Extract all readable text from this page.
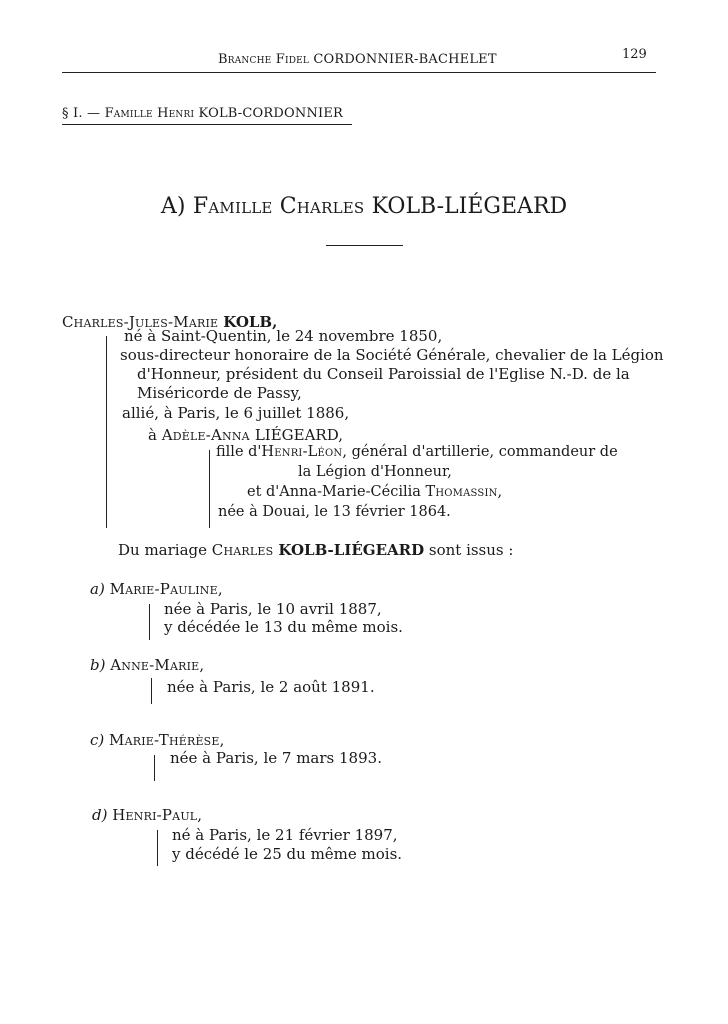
Branche Fidel CORDONNIER-BACHELET	129
§ I. — Famille Henri KOLB-CORDONNIER
A) Famille Charles KOLB-LIÉGEARD
Charles-Jules-Marie KOLB,
né à Saint-Quentin, le 24 novembre 1850,
sous-directeur honoraire de la Société Générale, chevalier de la Légion
d'Honneur, président du Conseil Paroissial de l'Eglise N.-D. de la
Miséricorde de Passy,
allié, à Paris, le 6 juillet 1886,
à Adèle-Anna LIÉGEARD,
fille d'Henri-Léon, général d'artillerie, commandeur de
la Légion d'Honneur,
et d'Anna-Marie-Cécilia Thomassin,
née à Douai, le 13 février 1864.
Du mariage Charles KOLB-LIÉGEARD sont issus :
a) Marie-Pauline,
née à Paris, le 10 avril 1887,
y décédée le 13 du même mois.
b) Anne-Marie,
née à Paris, le 2 août 1891.
c) Marie-Thérèse,
née à Paris, le 7 mars 1893.
d) Henri-Paul,
né à Paris, le 21 février 1897,
y décédé le 25 du même mois.
